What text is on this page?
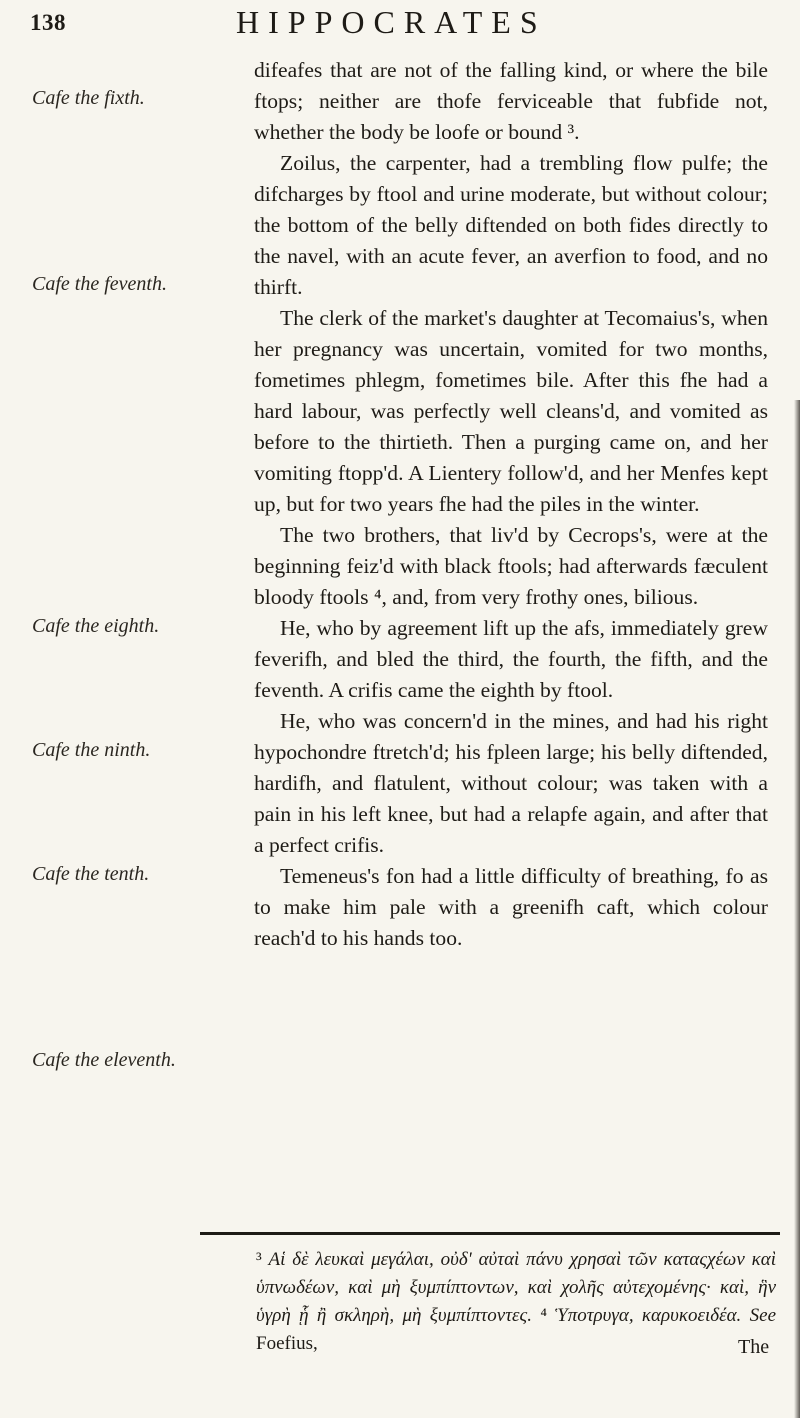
138	HIPPOCRATES
Cafe the fixth.
Cafe the feventh.
Cafe the eighth.
Cafe the ninth.
Cafe the tenth.
Cafe the eleventh.

difeafes that are not of the falling kind, or where the bile ftops; neither are thofe ferviceable that fubfide not, whether the body be loofe or bound ³.

Zoilus, the carpenter, had a trembling flow pulfe; the difcharges by ftool and urine moderate, but without colour; the bottom of the belly diftended on both fides directly to the navel, with an acute fever, an averfion to food, and no thirft.

The clerk of the market's daughter at Tecomaius's, when her pregnancy was uncertain, vomited for two months, fometimes phlegm, fometimes bile. After this fhe had a hard labour, was perfectly well cleans'd, and vomited as before to the thirtieth. Then a purging came on, and her vomiting ftopp'd. A Lientery follow'd, and her Menfes kept up, but for two years fhe had the piles in the winter.

The two brothers, that liv'd by Cecrops's, were at the beginning feiz'd with black ftools; had afterwards fæculent bloody ftools ⁴, and, from very frothy ones, bilious.

He, who by agreement lift up the afs, immediately grew feverifh, and bled the third, the fourth, the fifth, and the feventh. A crifis came the eighth by ftool.

He, who was concern'd in the mines, and had his right hypochondre ftretch'd; his fpleen large; his belly diftended, hardifh, and flatulent, without colour; was taken with a pain in his left knee, but had a relapfe again, and after that a perfect crifis.

Temeneus's fon had a little difficulty of breathing, fo as to make him pale with a greenifh caft, which colour reach'd to his hands too.

³ Αἱ δὲ λευκαὶ μεγάλαι, οὐδ' αὐταὶ πάνυ χρησαὶ τῶν καταςχέων καὶ ὑπνωδέων, καὶ μὴ ξυμπίπτοντων, καὶ χολῆς αὐτεχομένης· καὶ, ἣν ὑγρὴ ᾗ ἢ σκληρὴ, μὴ ξυμπίπτοντες. ⁴ Ὑποτρυγα, καρυκοειδέα. See Foefius,	The
